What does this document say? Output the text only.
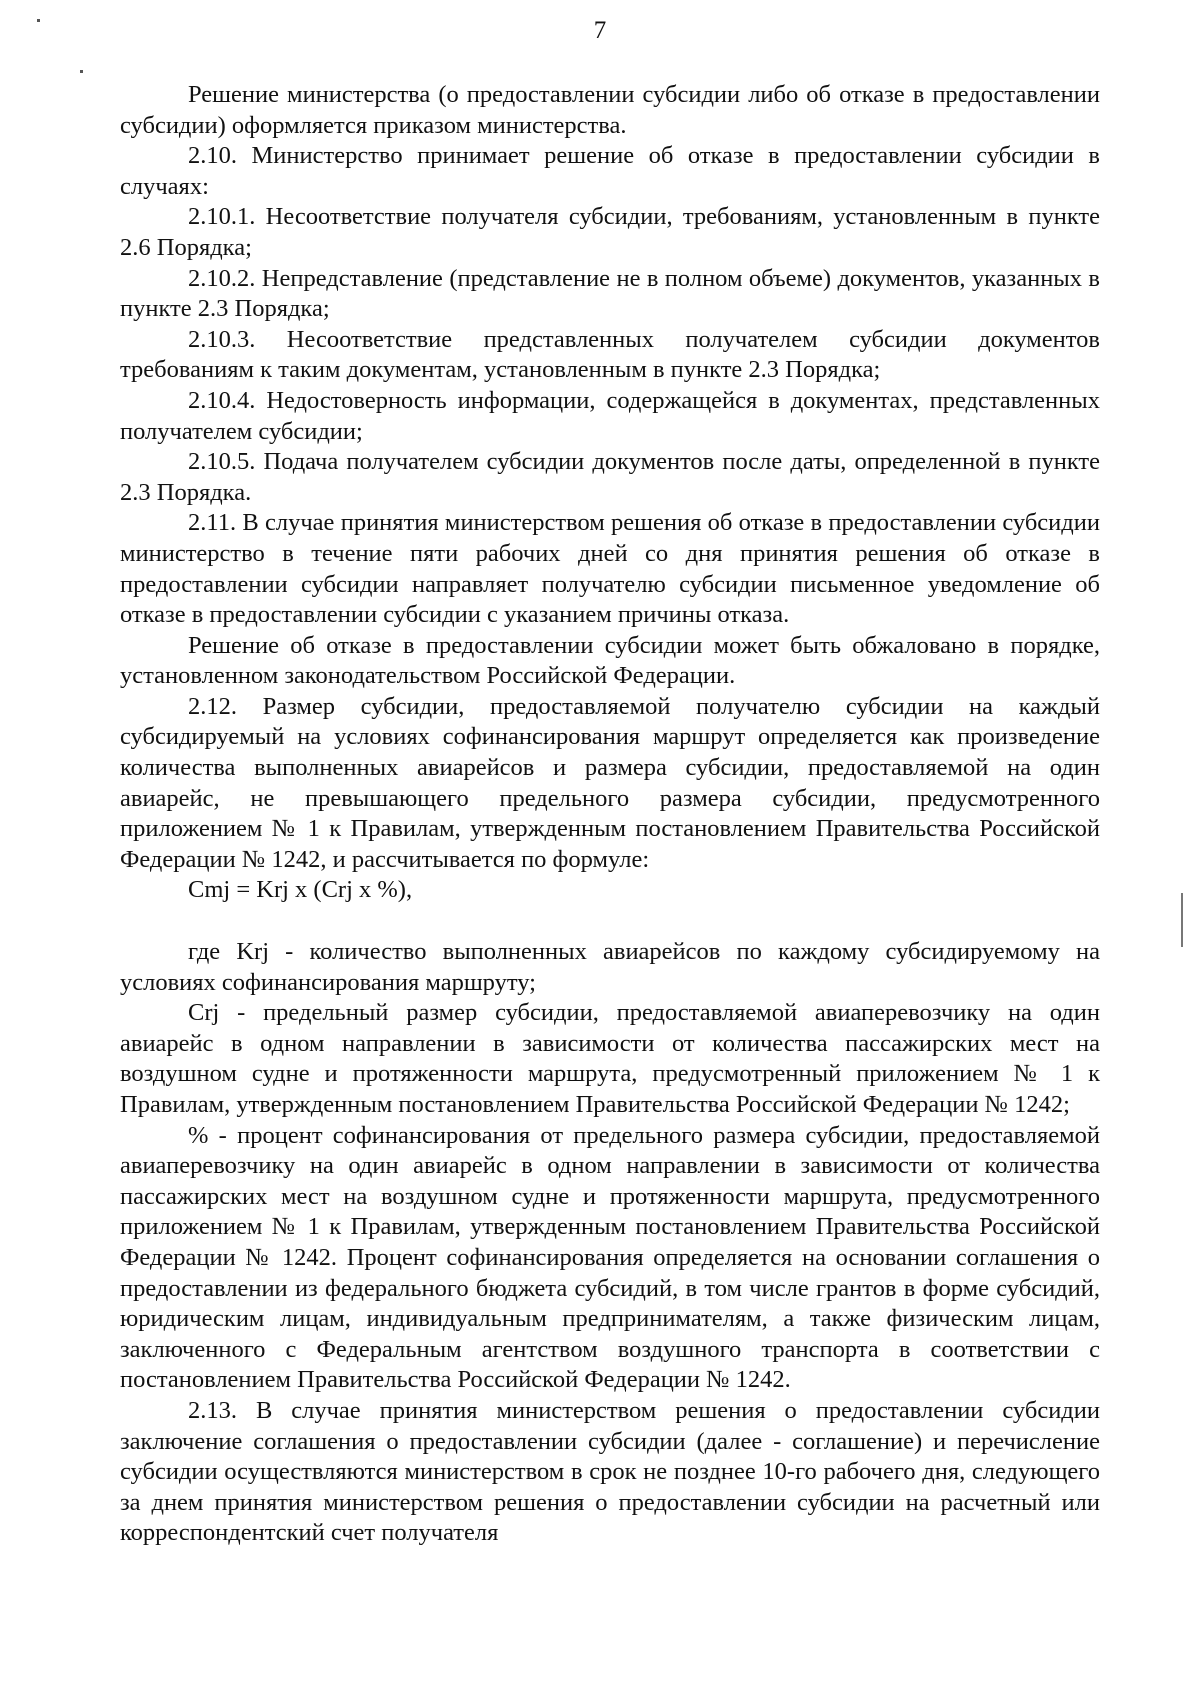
7

Решение министерства (о предоставлении субсидии либо об отказе в предоставлении субсидии) оформляется приказом министерства.

2.10. Министерство принимает решение об отказе в предоставлении субсидии в случаях:

2.10.1. Несоответствие получателя субсидии, требованиям, установленным в пункте 2.6 Порядка;

2.10.2. Непредставление (представление не в полном объеме) документов, указанных в пункте 2.3 Порядка;

2.10.3. Несоответствие представленных получателем субсидии документов требованиям к таким документам, установленным в пункте 2.3 Порядка;

2.10.4. Недостоверность информации, содержащейся в документах, представленных получателем субсидии;

2.10.5. Подача получателем субсидии документов после даты, определенной в пункте 2.3 Порядка.

2.11. В случае принятия министерством решения об отказе в предоставлении субсидии министерство в течение пяти рабочих дней со дня принятия решения об отказе в предоставлении субсидии направляет получателю субсидии письменное уведомление об отказе в предоставлении субсидии с указанием причины отказа.

Решение об отказе в предоставлении субсидии может быть обжаловано в порядке, установленном законодательством Российской Федерации.

2.12. Размер субсидии, предоставляемой получателю субсидии на каждый субсидируемый на условиях софинансирования маршрут определяется как произведение количества выполненных авиарейсов и размера субсидии, предоставляемой на один авиарейс, не превышающего предельного размера субсидии, предусмотренного приложением № 1 к Правилам, утвержденным постановлением Правительства Российской Федерации № 1242, и рассчитывается по формуле:

Cmj = Krj x (Crj x %),

где Krj - количество выполненных авиарейсов по каждому субсидируемому на условиях софинансирования маршруту;

Crj - предельный размер субсидии, предоставляемой авиаперевозчику на один авиарейс в одном направлении в зависимости от количества пассажирских мест на воздушном судне и протяженности маршрута, предусмотренный приложением № 1 к Правилам, утвержденным постановлением Правительства Российской Федерации № 1242;

% - процент софинансирования от предельного размера субсидии, предоставляемой авиаперевозчику на один авиарейс в одном направлении в зависимости от количества пассажирских мест на воздушном судне и протяженности маршрута, предусмотренного приложением № 1 к Правилам, утвержденным постановлением Правительства Российской Федерации № 1242. Процент софинансирования определяется на основании соглашения о предоставлении из федерального бюджета субсидий, в том числе грантов в форме субсидий, юридическим лицам, индивидуальным предпринимателям, а также физическим лицам, заключенного с Федеральным агентством воздушного транспорта в соответствии с постановлением Правительства Российской Федерации № 1242.

2.13. В случае принятия министерством решения о предоставлении субсидии заключение соглашения о предоставлении субсидии (далее - соглашение) и перечисление субсидии осуществляются министерством в срок не позднее 10-го рабочего дня, следующего за днем принятия министерством решения о предоставлении субсидии на расчетный или корреспондентский счет получателя
